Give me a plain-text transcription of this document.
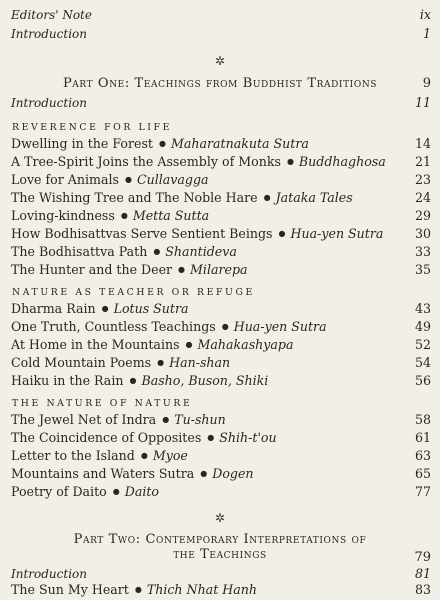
Editors' Note	ix
Introduction	1
✲
Part One: Teachings from Buddhist Traditions	9
Introduction	11
REVERENCE FOR LIFE
Dwelling in the Forest ● Maharatnakuta Sutra	14
A Tree-Spirit Joins the Assembly of Monks ● Buddhaghosa 21
Love for Animals ● Cullavagga	23
The Wishing Tree and The Noble Hare ● Jataka Tales	24
Loving-kindness ● Metta Sutta	29
How Bodhisattvas Serve Sentient Beings ● Hua-yen Sutra	30
The Bodhisattva Path ● Shantideva	33
The Hunter and the Deer ● Milarepa	35
NATURE AS TEACHER OR REFUGE
Dharma Rain ● Lotus Sutra	43
One Truth, Countless Teachings ● Hua-yen Sutra	49
At Home in the Mountains ● Mahakashyapa	52
Cold Mountain Poems ● Han-shan	54
Haiku in the Rain ● Basho, Buson, Shiki	56
THE NATURE OF NATURE
The Jewel Net of Indra ● Tu-shun	58
The Coincidence of Opposites ● Shih-t'ou	61
Letter to the Island ● Myoe	63
Mountains and Waters Sutra ● Dogen	65
Poetry of Daito ● Daito	77
✲
Part Two: Contemporary Interpretations of
the Teachings	79
Introduction	81
The Sun My Heart ● Thich Nhat Hanh	83
